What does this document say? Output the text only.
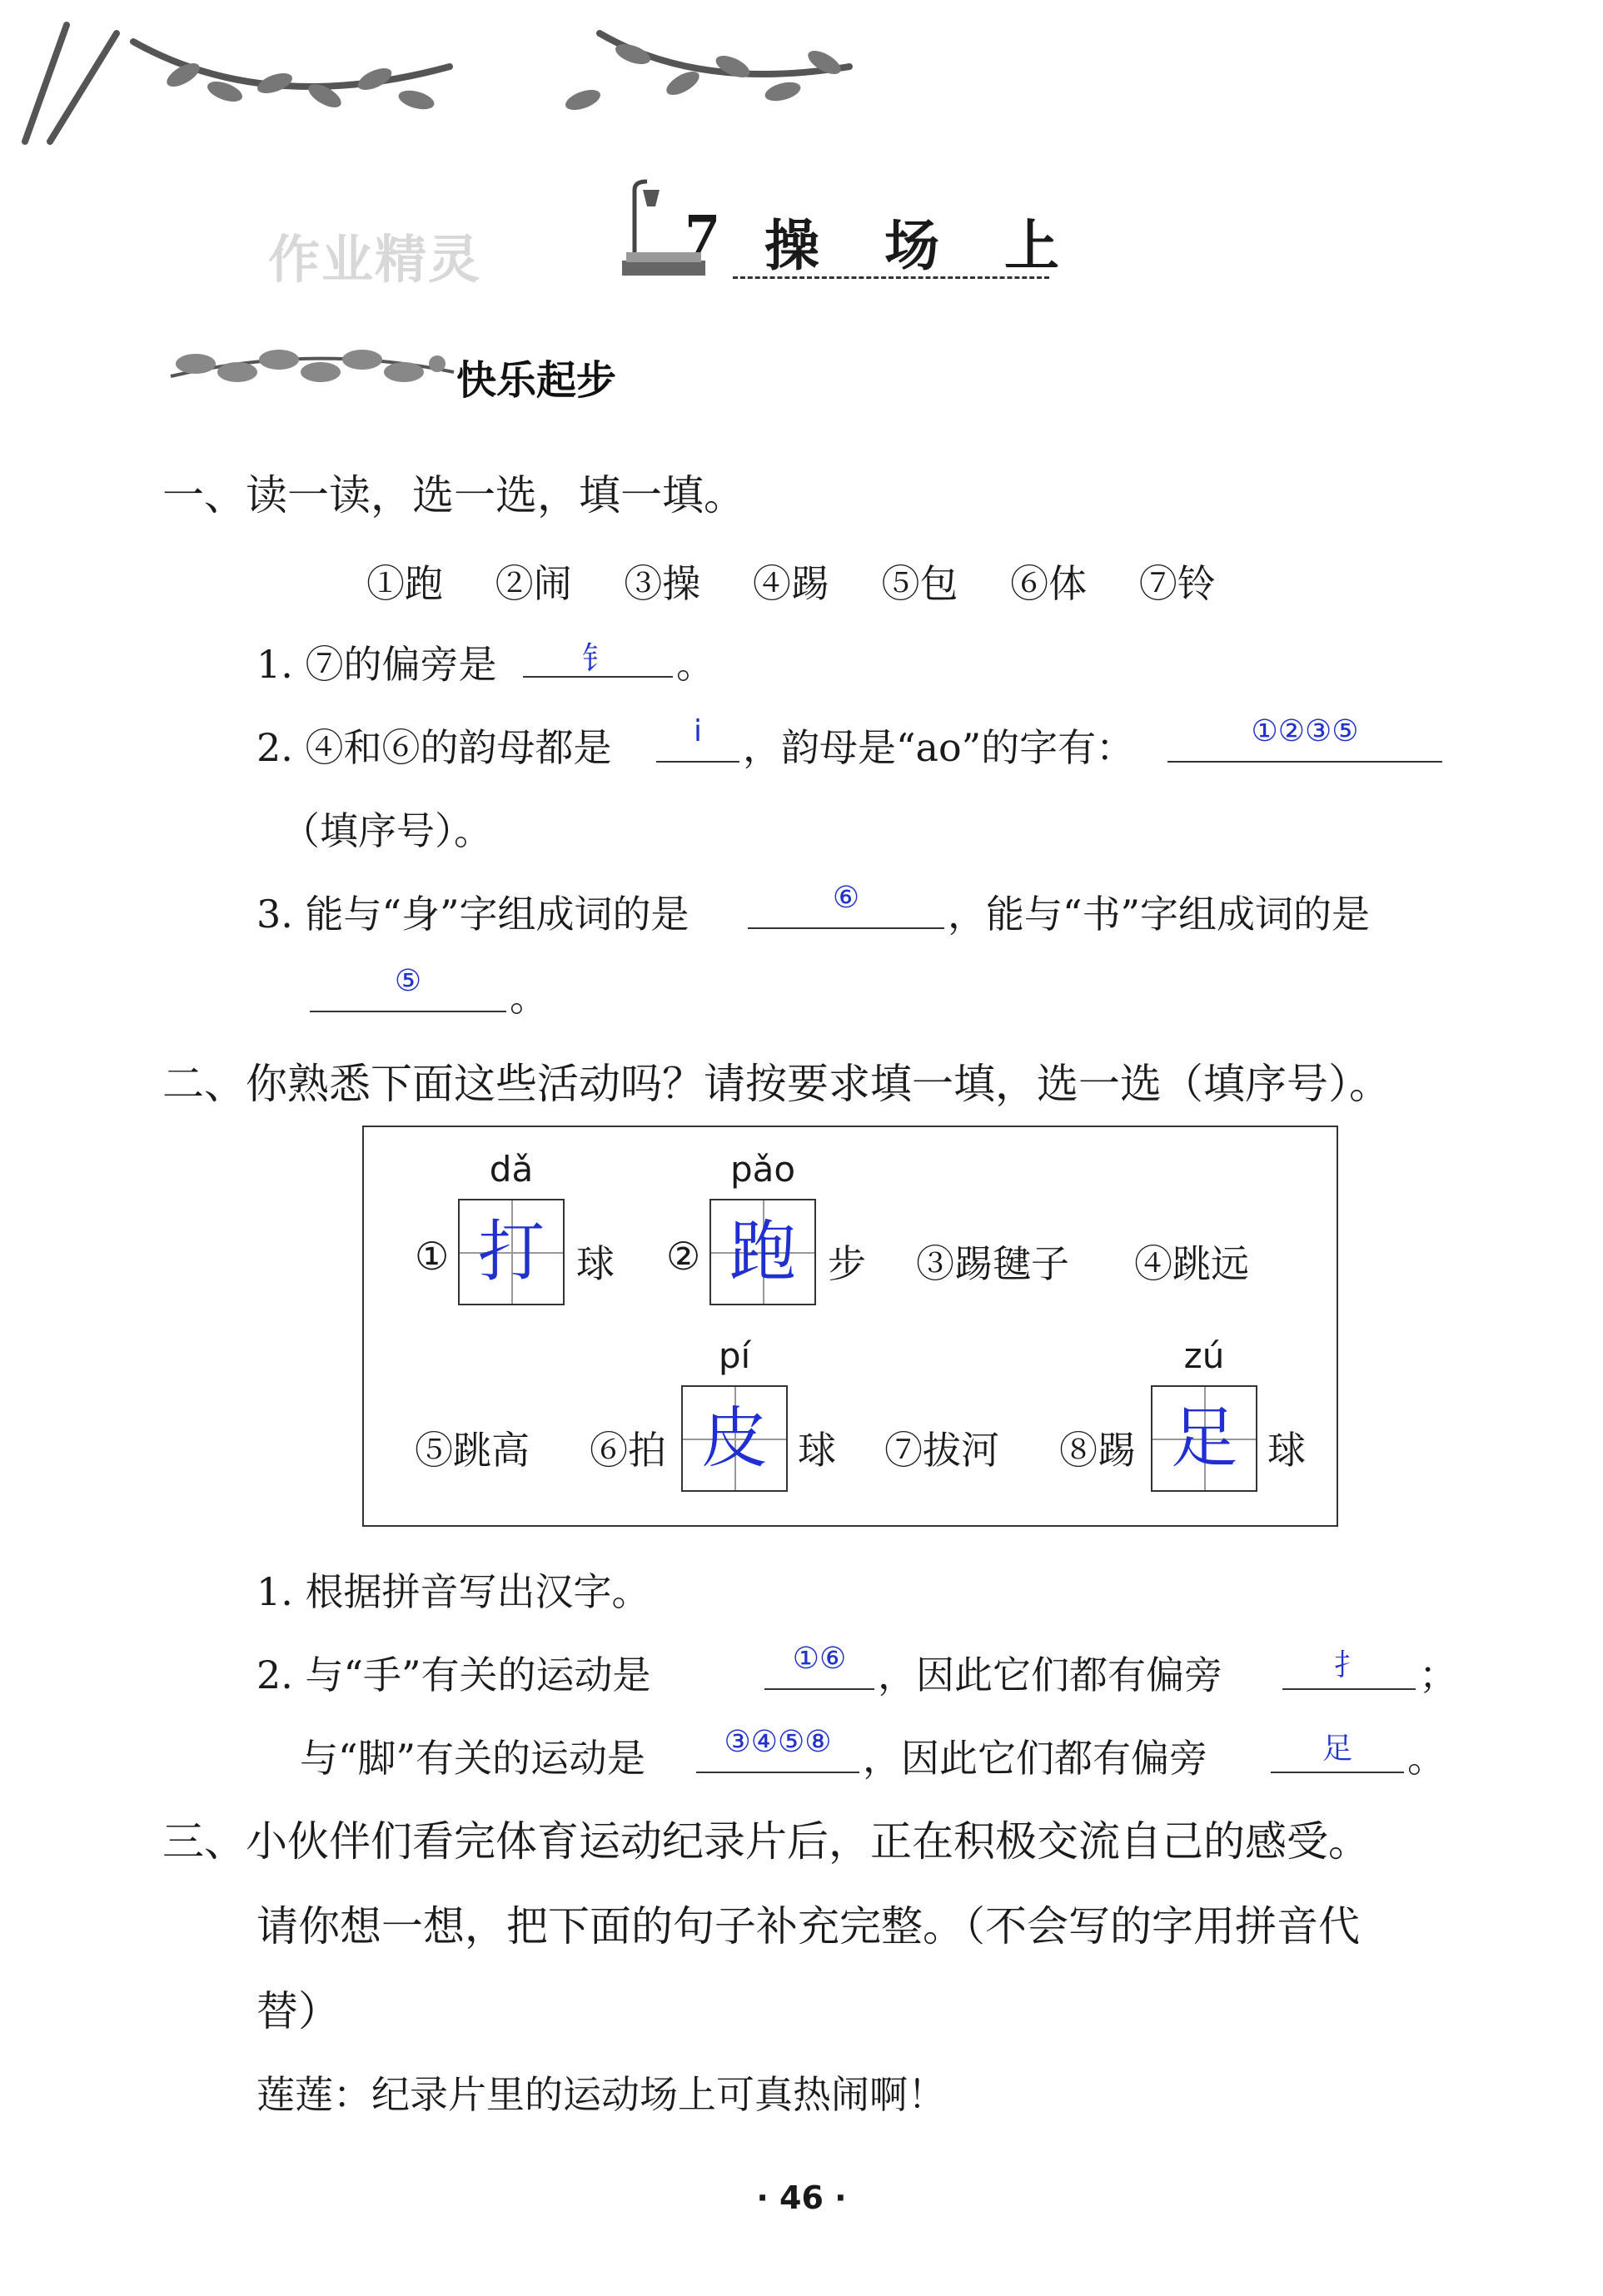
作业精灵	7 操　场　上
快乐起步
一、读一读，选一选，填一填。
①跑 ②闹 ③操 ④踢 ⑤包 ⑥体 ⑦铃
1. ⑦的偏旁是	钅	。
2. ④和⑥的韵母都是	i	，韵母是“ao”的字有：	①②③⑤
（填序号）。
3. 能与“身”字组成词的是	⑥	，能与“书”字组成词的是
⑤	。
二、你熟悉下面这些活动吗？请按要求填一填，选一选（填序号）。
①
dǎ
打 球 ②
pǎo
跑 步 ③踢毽子 ④跳远
⑤跳高 ⑥拍
pí
皮 球 ⑦拔河 ⑧踢
zú
足 球
1. 根据拼音写出汉字。
2. 与“手”有关的运动是	①⑥ ，因此它们都有偏旁	扌	；
与“脚”有关的运动是	③④⑤⑧ ，因此它们都有偏旁	足	。
三、小伙伴们看完体育运动纪录片后，正在积极交流自己的感受。
请你想一想，把下面的句子补充完整。（不会写的字用拼音代
替）
莲莲：纪录片里的运动场上可真热闹啊！
· 46 ·
